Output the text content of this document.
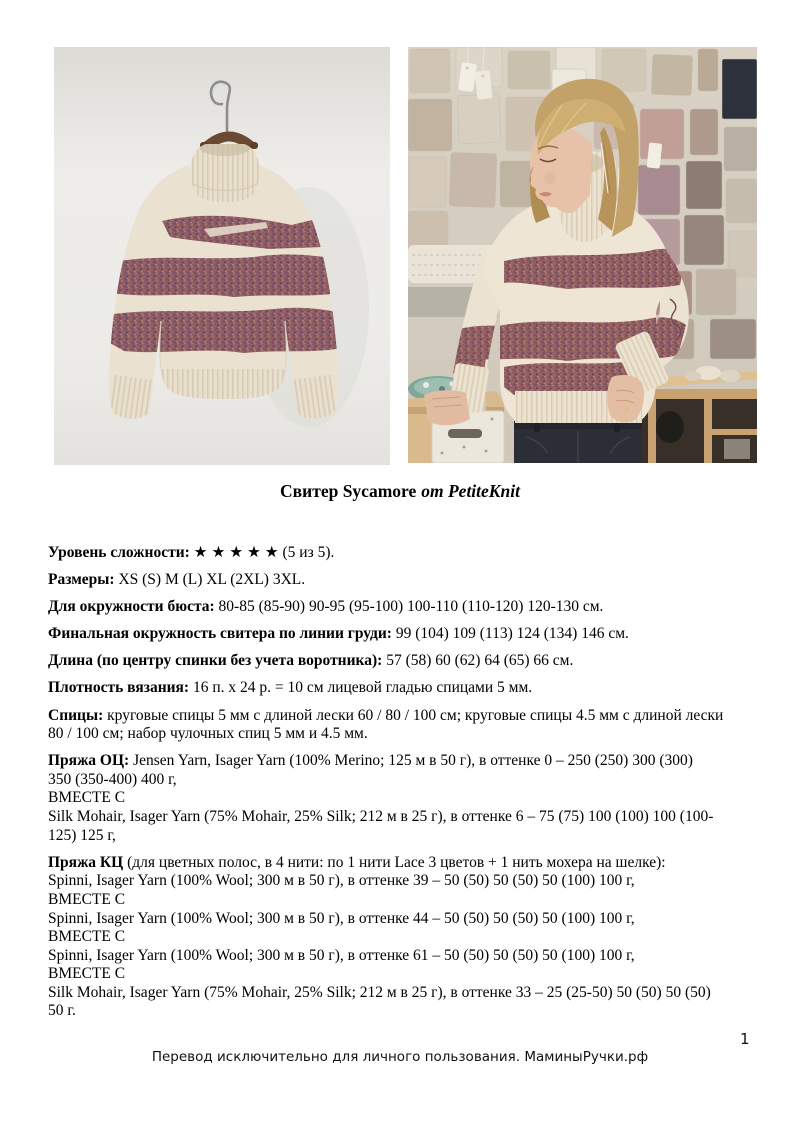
Свитер Sycamore от PetiteKnit
Уровень сложности: ★ ★ ★ ★ ★ (5 из 5).
Размеры: XS (S) M (L) XL (2XL) 3XL.
Для окружности бюста: 80-85 (85-90) 90-95 (95-100) 100-110 (110-120) 120-130 см.
Финальная окружность свитера по линии груди: 99 (104) 109 (113) 124 (134) 146 см.
Длина (по центру спинки без учета воротника): 57 (58) 60 (62) 64 (65) 66 см.
Плотность вязания: 16 п. х 24 р. = 10 см лицевой гладью спицами 5 мм.
Спицы: круговые спицы 5 мм с длиной лески 60 / 80 / 100 см; круговые спицы 4.5 мм с длиной лески
80 / 100 см; набор чулочных спиц 5 мм и 4.5 мм.
Пряжа ОЦ: Jensen Yarn, Isager Yarn (100% Merino; 125 м в 50 г), в оттенке 0 – 250 (250) 300 (300)
350 (350-400) 400 г,
ВМЕСТЕ С
Silk Mohair, Isager Yarn (75% Mohair, 25% Silk; 212 м в 25 г), в оттенке 6 – 75 (75) 100 (100) 100 (100-
125) 125 г,
Пряжа КЦ (для цветных полос, в 4 нити: по 1 нити Lace 3 цветов + 1 нить мохера на шелке):
Spinni, Isager Yarn (100% Wool; 300 м в 50 г), в оттенке 39 – 50 (50) 50 (50) 50 (100) 100 г,
ВМЕСТЕ С
Spinni, Isager Yarn (100% Wool; 300 м в 50 г), в оттенке 44 – 50 (50) 50 (50) 50 (100) 100 г,
ВМЕСТЕ С
Spinni, Isager Yarn (100% Wool; 300 м в 50 г), в оттенке 61 – 50 (50) 50 (50) 50 (100) 100 г,
ВМЕСТЕ С
Silk Mohair, Isager Yarn (75% Mohair, 25% Silk; 212 м в 25 г), в оттенке 33 – 25 (25-50) 50 (50) 50 (50)
50 г.
1
Перевод исключительно для личного пользования. МаминыРучки.рф
